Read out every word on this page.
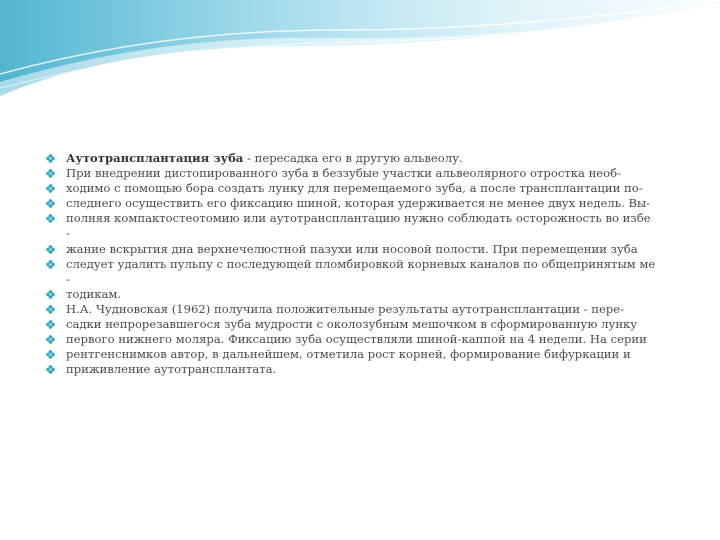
Аутотрансплантация зуба - пересадка его в другую альвеолу.
При внедрении дистопированного зуба в беззубые участки альвеолярного отростка необ-
ходимо с помощью бора создать лунку для перемещаемого зуба, а после трансплантации по-
следнего осуществить его фиксацию шиной, которая удерживается не менее двух недель. Вы-
полняя компактостеотомию или аутотрансплантацию нужно соблюдать осторожность во избе
-
жание вскрытия дна верхнечелюстной пазухи или носовой полости. При перемещении зуба
следует удалить пульпу с последующей пломбировкой корневых каналов по общепринятым ме
-
тодикам.
Н.А. Чудновская (1962) получила положительные результаты аутотрансплантации - пере-
садки непрорезавшегося зуба мудрости с околозубным мешочком в сформированную лунку
первого нижнего моляра. Фиксацию зуба осуществляли шиной-каппой на 4 недели. На серии
рентгенснимков автор, в дальнейшем, отметила рост корней, формирование бифуркации и
приживление аутотрансплантата.
